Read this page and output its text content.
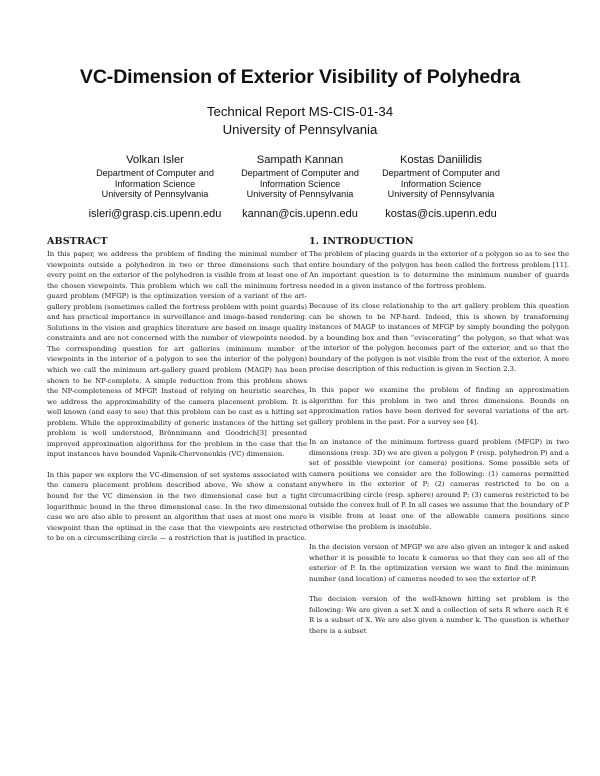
VC-Dimension of Exterior Visibility of Polyhedra
Technical Report MS-CIS-01-34
University of Pennsylvania
Volkan Isler
Department of Computer and
Information Science
University of Pennsylvania
isleri@grasp.cis.upenn.edu
Sampath Kannan
Department of Computer and
Information Science
University of Pennsylvania
kannan@cis.upenn.edu
Kostas Daniilidis
Department of Computer and
Information Science
University of Pennsylvania
kostas@cis.upenn.edu
ABSTRACT

In this paper, we address the problem of finding the minimal number of viewpoints outside a polyhedron in two or three dimensions such that every point on the exterior of the polyhedron is visible from at least one of the chosen viewpoints. This problem which we call the minimum fortress guard problem (MFGP) is the optimization version of a variant of the art-gallery problem (sometimes called the fortress problem with point guards) and has practical importance in surveillance and image-based rendering. Solutions in the vision and graphics literature are based on image quality constraints and are not concerned with the number of viewpoints needed. The corresponding question for art galleries (minimum number of viewpoints in the interior of a polygon to see the interior of the polygon) which we call the minimum art-gallery guard problem (MAGP) has been shown to be NP-complete. A simple reduction from this problem shows the NP-completeness of MFGP. Instead of relying on heuristic searches, we address the approximability of the camera placement problem. It is well known (and easy to see) that this problem can be cast as a hitting set problem. While the approximability of generic instances of the hitting set problem is well understood, Brönnimann and Goodrich[3] presented improved approximation algorithms for the problem in the case that the input instances have bounded Vapnik-Chervonenkis (VC) dimension.

In this paper we explore the VC-dimension of set systems associated with the camera placement problem described above. We show a constant bound for the VC dimension in the two dimensional case but a tight logarithmic bound in the three dimensional case. In the two dimensional case we are also able to present an algorithm that uses at most one more viewpoint than the optimal in the case that the viewpoints are restricted to be on a circumscribing circle — a restriction that is justified in practice.

1. INTRODUCTION

The problem of placing guards in the exterior of a polygon so as to see the entire boundary of the polygon has been called the fortress problem [11]. An important question is to determine the minimum number of guards needed in a given instance of the fortress problem.

Because of its close relationship to the art gallery problem this question can be shown to be NP-hard. Indeed, this is shown by transforming instances of MAGP to instances of MFGP by simply bounding the polygon by a bounding box and then “eviscerating” the polygon, so that what was the interior of the polygon becomes part of the exterior, and so that the boundary of the polygon is not visible from the rest of the exterior. A more precise description of this reduction is given in Section 2.3.

In this paper we examine the problem of finding an approximation algorithm for this problem in two and three dimensions. Bounds on approximation ratios have been derived for several variations of the art-gallery problem in the past. For a survey see [4].

In an instance of the minimum fortress guard problem (MFGP) in two dimensions (resp. 3D) we are given a polygon P (resp. polyhedron P) and a set of possible viewpoint (or camera) positions. Some possible sets of camera positions we consider are the following: (1) cameras permitted anywhere in the exterior of P; (2) cameras restricted to be on a circumscribing circle (resp. sphere) around P; (3) cameras restricted to be outside the convex hull of P. In all cases we assume that the boundary of P is visible from at least one of the allowable camera positions since otherwise the problem is insoluble.

In the decision version of MFGP we are also given an integer k and asked whether it is possible to locate k cameras so that they can see all of the exterior of P. In the optimization version we want to find the minimum number (and location) of cameras needed to see the exterior of P.

The decision version of the well-known hitting set problem is the following: We are given a set X and a collection of sets R where each R ∈ R is a subset of X. We are also given a number k. The question is whether there is a subset
